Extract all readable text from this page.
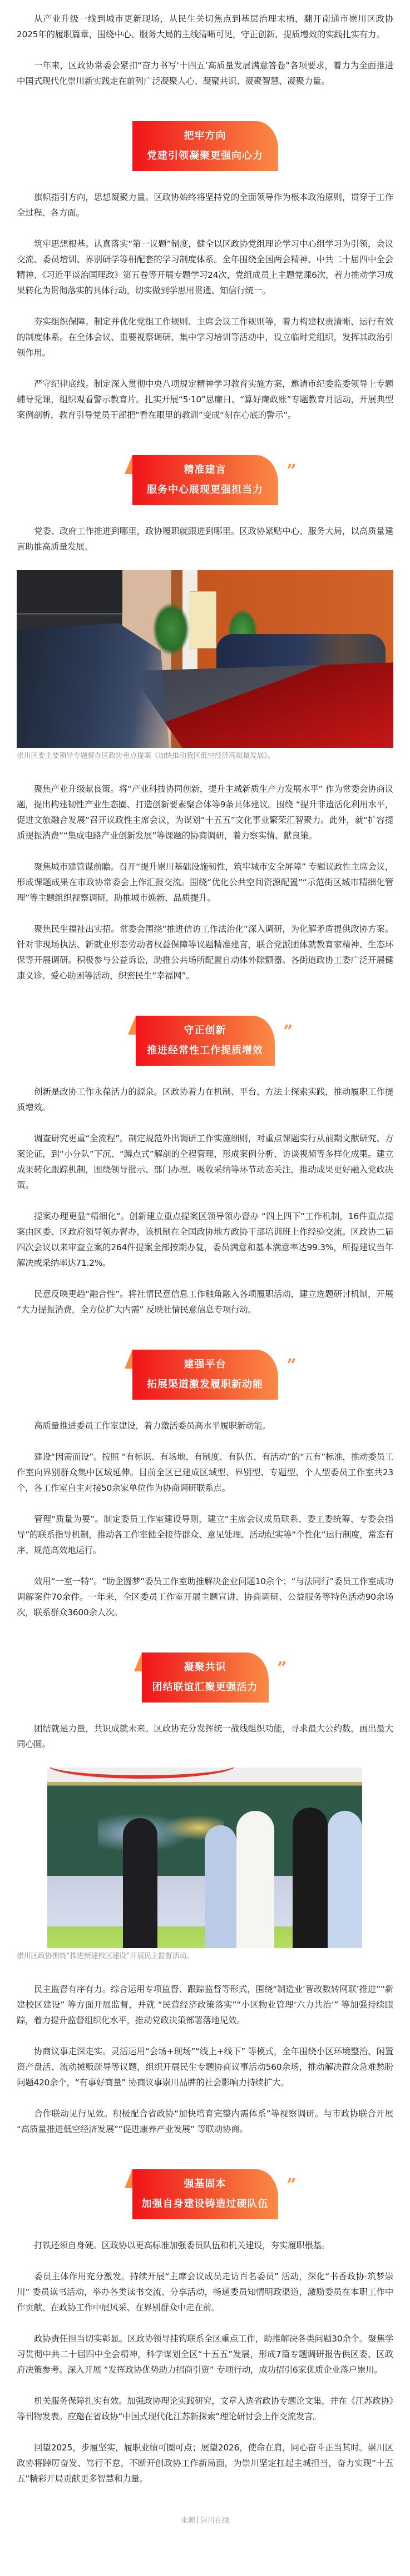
从产业升级一线到城市更新现场，从民生关切焦点到基层治理末梢，翻开南通市崇川区政协2025年的履职篇章，围绕中心、服务大局的主线清晰可见，守正创新、提质增效的实践扎实有力。

一年来，区政协常委会紧扣“奋力书写‘十四五’高质量发展满意答卷”各项要求，着力为全面推进中国式现代化崇川新实践走在前列广泛凝聚人心、凝聚共识、凝聚智慧、凝聚力量。

把牢方向
党建引领凝聚更强向心力

旗帜指引方向，思想凝聚力量。区政协始终将坚持党的全面领导作为根本政治原则，贯穿于工作全过程、各方面。

筑牢思想根基。认真落实“第一议题”制度，健全以区政协党组理论学习中心组学习为引领，会议交流、委员培训、界别研学等相配套的学习制度体系。全年围绕全国两会精神、中共二十届四中全会精神、《习近平谈治国理政》第五卷等开展专题学习24次，党组成员上主题党课6次，着力推动学习成果转化为贯彻落实的具体行动，切实做到学思用贯通、知信行统一。

夯实组织保障。制定并优化党组工作规则、主席会议工作规则等，着力构建权责清晰、运行有效的制度体系。在全体会议、重要视察调研、集中学习培训等活动中，设立临时党组织，发挥其政治引领作用。

严守纪律底线。制定深入贯彻中央八项规定精神学习教育实施方案，邀请市纪委监委领导上专题辅导党课，组织观看警示教育片。扎实开展“5·10”思廉日、“算好廉政账”专题教育月活动，开展典型案例剖析，教育引导党员干部把“看在眼里的教训”变成“刻在心底的警示”。

精准建言
服务中心展现更强担当力
”

党委、政府工作推进到哪里，政协履职就跟进到哪里。区政协紧贴中心、服务大局，以高质量建言助推高质量发展。

崇川区委主要领导专题督办区政协重点提案《加快推动我区低空经济高质量发展》。

聚焦产业升级献良策。将“产业科技协同创新，提升主城新质生产力发展水平” 作为常委会协商议题，提出构建韧性产业生态圈、打造创新要素聚合体等9条具体建议。围绕 “提升非遗活化利用水平，促进文旅融合发展”召开议政性主席会议，为谋划“十五五”文化事业繁荣汇智聚力。此外，就“扩容提质提振消费”“集成电路产业创新发展”等课题的协商调研，着力察实情、献良策。

聚焦城市建管谋前瞻。召开“提升崇川基础设施韧性，筑牢城市安全屏障” 专题议政性主席会议，形成课题成果在市政协常委会上作汇报交流。围绕“优化公共空间资源配置”“示范街区城市精细化管理”等主题组织视察调研，助推城市焕新、品质提升。

聚焦民生福祉出实招。常委会围绕“推进信访工作法治化”深入调研，为化解矛盾提供政协方案。针对非现场执法、新就业形态劳动者权益保障等议题精准建言，联合党派团体就教育家精神、生态环保等开展调研。积极参与公益诉讼，助推公共场所配置自动体外除颤器。各街道政协工委广泛开展健康义诊、爱心助困等活动，织密民生“幸福网”。

守正创新
推进经常性工作提质增效
”

创新是政协工作永葆活力的源泉。区政协着力在机制、平台、方法上探索实践，推动履职工作提质增效。

调查研究更重“全流程”。制定规范外出调研工作实施细则，对重点课题实行从前期文献研究、方案论证，到“小分队”下沉、“蹲点式”解剖的全程管理，形成案例分析、访谈视频等多样化成果。建立成果转化跟踪机制，围绕领导批示、部门办理、吸收采纳等环节动态关注，推动成果更好融入党政决策。

提案办理更显“精细化”。创新建立重点提案区领导领办督办 “四上四下”工作机制，16件重点提案由区委、区政府领导领办督办，该机制在全国政协地方政协干部培训班上作经验交流。区政协二届四次会议以来审查立案的264件提案全部按期办复，委员满意和基本满意率达99.3%，所提建议当年解决或采纳率达71.2%。

民意反映更趋“融合性”。将社情民意信息工作触角融入各项履职活动，建立选题研讨机制，开展 “大力提振消费，全方位扩大内需” 反映社情民意信息专项行动。

建强平台
拓展渠道激发履职新动能
”

高质量推进委员工作室建设，着力激活委员高水平履职新动能。

建设“因需而设”。按照 “有标识、有场地、有制度、有队伍、有活动”的“五有”标准，推动委员工作室向界别群众集中区域延伸。目前全区已建成区域型、界别型、专题型、个人型委员工作室共23个，各工作室自主对接50余家单位作为协商调研联系点。

管理“质量为要”。制定委员工作室建设导则，建立“主席会议成员联系、委工委统筹、专委会指导”的联系指导机制，推动各工作室健全接待群众、意见处理、活动纪实等“个性化”运行制度，常态有序、规范高效地运行。

效用“一室一特”。“助企圆梦”委员工作室助推解决企业问题10余个；“与法同行”委员工作室成功调解案件70余件。一年来，全区委员工作室开展主题宣讲、协商调研、公益服务等特色活动90余场次，联系群众3600余人次。

凝聚共识
团结联谊汇聚更强活力
”

团结就是力量，共识成就未来。区政协充分发挥统一战线组织功能，寻求最大公约数，画出最大同心圆。

崇川区政协围绕“推进新建校区建设”开展民主监督活动。

民主监督有序有力。综合运用专项监督、跟踪监督等形式，围绕“制造业‘智改数转网联’推进”“新建校区建设” 等方面开展监督，并就 “民营经济政策落实”“小区物业管理‘六力共治’” 等加强持续跟踪，着力提升监督组织化水平，推动党政决策部署落地见效。

协商议事走深走实。灵活运用“会场+现场”“线上+线下” 等模式，全年围绕小区环境整治、闲置资产盘活、流动摊贩疏导等议题，组织开展民生专题协商议事活动560余场，推动解决群众急难愁盼问题420余个，“有事好商量” 协商议事崇川品牌的社会影响力持续扩大。

合作联动见行见效。积极配合省政协“加快培育完整内需体系”等视察调研。与市政协联合开展 “高质量推进低空经济发展”“促进康养产业发展” 等联动协商。

强基固本
加强自身建设铸造过硬队伍
”

打铁还须自身硬。区政协以更高标准加强委员队伍和机关建设，夯实履职根基。

委员主体作用充分激发。持续开展“主席会议成员走访百名委员” 活动，深化“书香政协·筑梦崇川” 委员读书活动，举办各类读书交流、分享活动，畅通委员知情明政渠道，激励委员在本职工作中作贡献、在政协工作中展风采、在界别群众中走在前。

政协责任担当切实彰显。区政协领导挂钩联系全区重点工作，助推解决各类问题30余个。聚焦学习贯彻中共二十届四中全会精神，科学谋划全区“十五五”发展，形成7篇专题调研报告供区委、区政府决策参考。深入开展 “发挥政协优势助力招商引资” 专项行动，成功招引6家优质企业落户崇川。

机关服务保障扎实有效。加强政协理论实践研究，文章入选省政协专题论文集，并在《江苏政协》等刊物发表。应邀在省政协“中国式现代化江苏新探索”理论研讨会上作交流发言。

回望2025，步履坚实，履职业绩可圈可点；展望2026，使命在肩，同心奋斗正当其时。崇川区政协将踔厉奋发、笃行不怠，不断开创政协工作新局面，为崇川坚定扛起主城担当，奋力实现“十五五”精彩开局贡献更多智慧和力量。

来源 崇川在线
